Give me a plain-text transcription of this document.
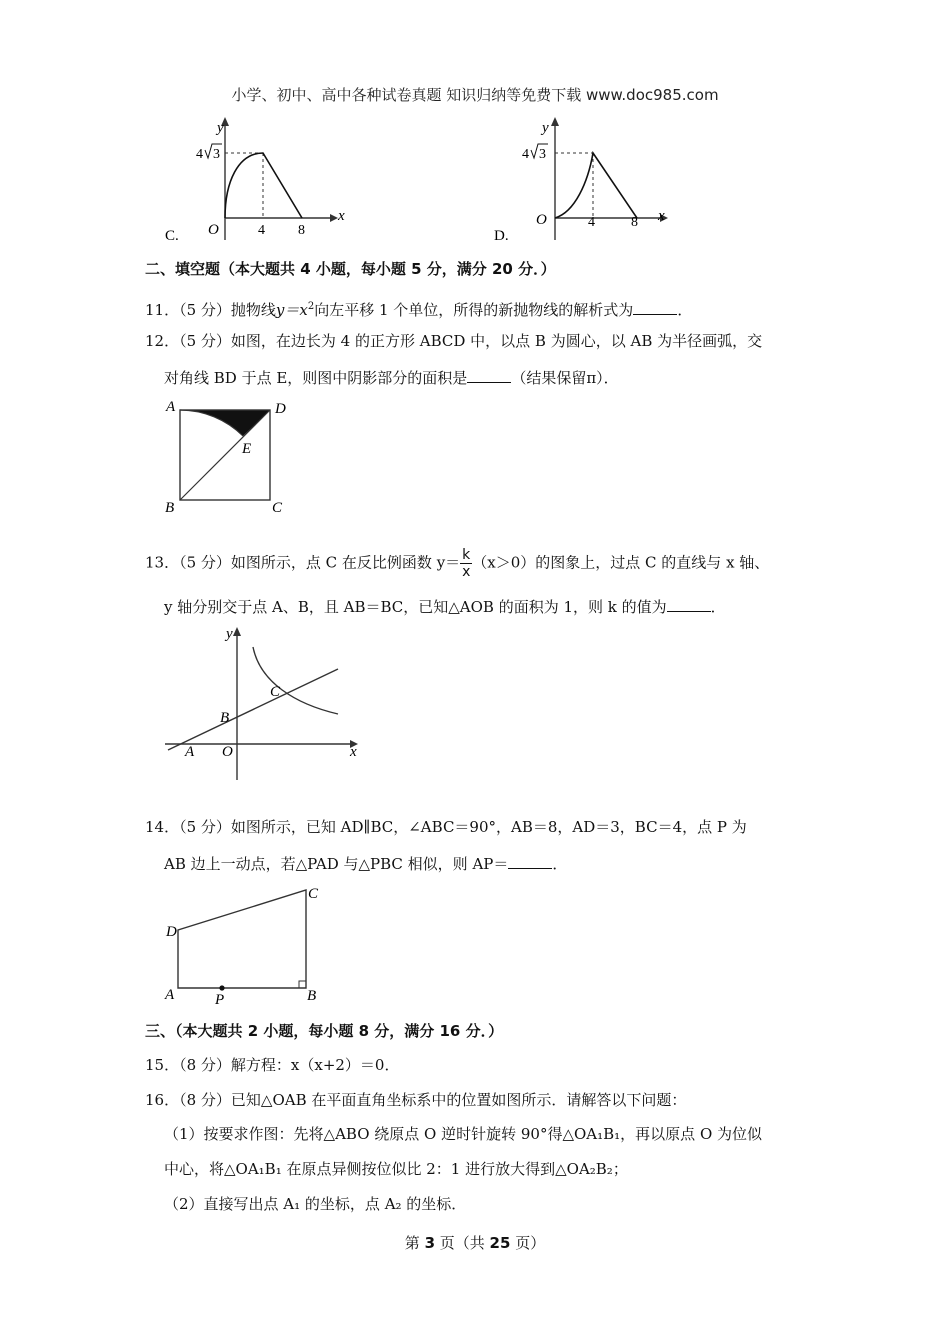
小学、初中、高中各种试卷真题 知识归纳等免费下载 www.doc985.com
y
x
4 3
O	4 8
C.
y
x
4 3
O	4	8
D.
二、填空题（本大题共 4 小题，每小题 5 分，满分 20 分．）
11．（5 分）抛物线$y=x^2$向左平移 1 个单位，所得的新抛物线的解析式为	．
12．（5 分）如图，在边长为 4 的正方形 ABCD 中，以点 B 为圆心，以 AB 为半径画弧，交
对角线 BD 于点 E，则图中阴影部分的面积是	（结果保留π）．
A	D
E
B	C
13．（5 分）如图所示，点 C 在反比例函数 $y= \frac{k}{x} (x>0)$的图象上，过点 C 的直线与 x 轴、
y 轴分别交于点 A、B，且 AB＝BC，已知△AOB 的面积为 1，则 k 的值为	．
y
x
C
B
A O
14．（5 分）如图所示，已知 AD∥BC，∠ABC＝90°，AB＝8，AD＝3，BC＝4，点 P 为
AB 边上一动点，若△PAD 与△PBC 相似，则 AP＝	．
D
C
A	P	B
三、（本大题共 2 小题，每小题 8 分，满分 16 分．）
15．（8 分）解方程：x（x+2）＝0．
16．（8 分）已知△OAB 在平面直角坐标系中的位置如图所示．请解答以下问题：
（1）按要求作图：先将△ABO 绕原点 O 逆时针旋转 90°得△OA₁B₁，再以原点 O 为位似
中心，将△OA₁B₁ 在原点异侧按位似比 2：1 进行放大得到△OA₂B₂；
（2）直接写出点 A₁ 的坐标，点 A₂ 的坐标．
第 3 页（共 25 页）
